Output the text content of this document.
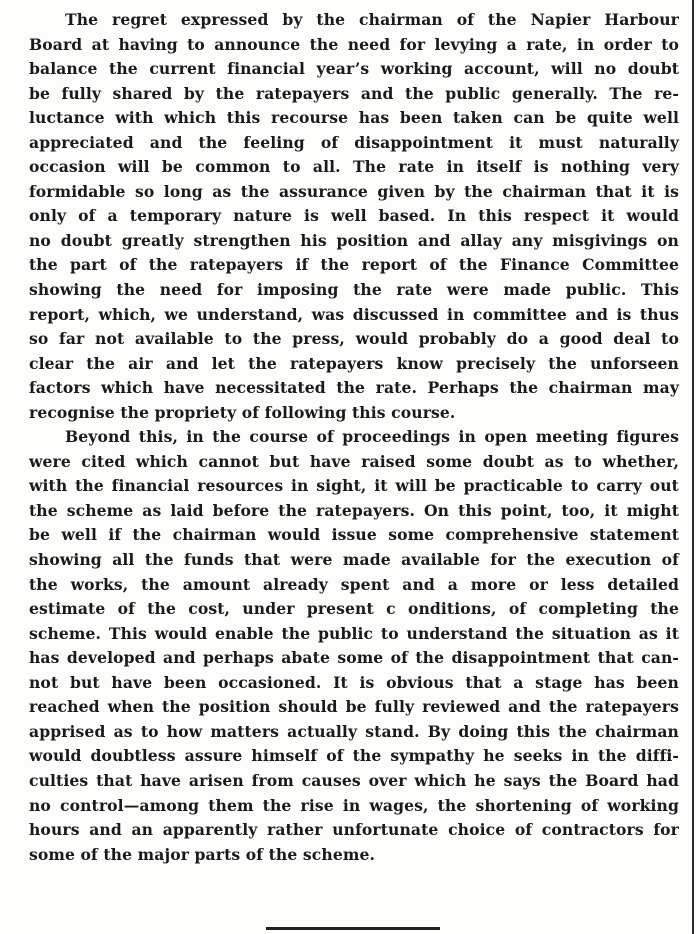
The regret expressed by the chairman of the Napier Harbour
Board at having to announce the need for levying a rate, in order to
balance the current financial year’s working account, will no doubt
be fully shared by the ratepayers and the public generally. The re-
luctance with which this recourse has been taken can be quite well
appreciated and the feeling of disappointment it must naturally
occasion will be common to all. The rate in itself is nothing very
formidable so long as the assurance given by the chairman that it is
only of a temporary nature is well based. In this respect it would
no doubt greatly strengthen his position and allay any misgivings on
the part of the ratepayers if the report of the Finance Committee
showing the need for imposing the rate were made public. This
report, which, we understand, was discussed in committee and is thus
so far not available to the press, would probably do a good deal to
clear the air and let the ratepayers know precisely the unforseen
factors which have necessitated the rate. Perhaps the chairman may
recognise the propriety of following this course.
Beyond this, in the course of proceedings in open meeting figures
were cited which cannot but have raised some doubt as to whether,
with the financial resources in sight, it will be practicable to carry out
the scheme as laid before the ratepayers. On this point, too, it might
be well if the chairman would issue some comprehensive statement
showing all the funds that were made available for the execution of
the works, the amount already spent and a more or less detailed
estimate of the cost, under present c onditions, of completing the
scheme. This would enable the public to understand the situation as it
has developed and perhaps abate some of the disappointment that can-
not but have been occasioned. It is obvious that a stage has been
reached when the position should be fully reviewed and the ratepayers
apprised as to how matters actually stand. By doing this the chairman
would doubtless assure himself of the sympathy he seeks in the diffi-
culties that have arisen from causes over which he says the Board had
no control—among them the rise in wages, the shortening of working
hours and an apparently rather unfortunate choice of contractors for
some of the major parts of the scheme.
